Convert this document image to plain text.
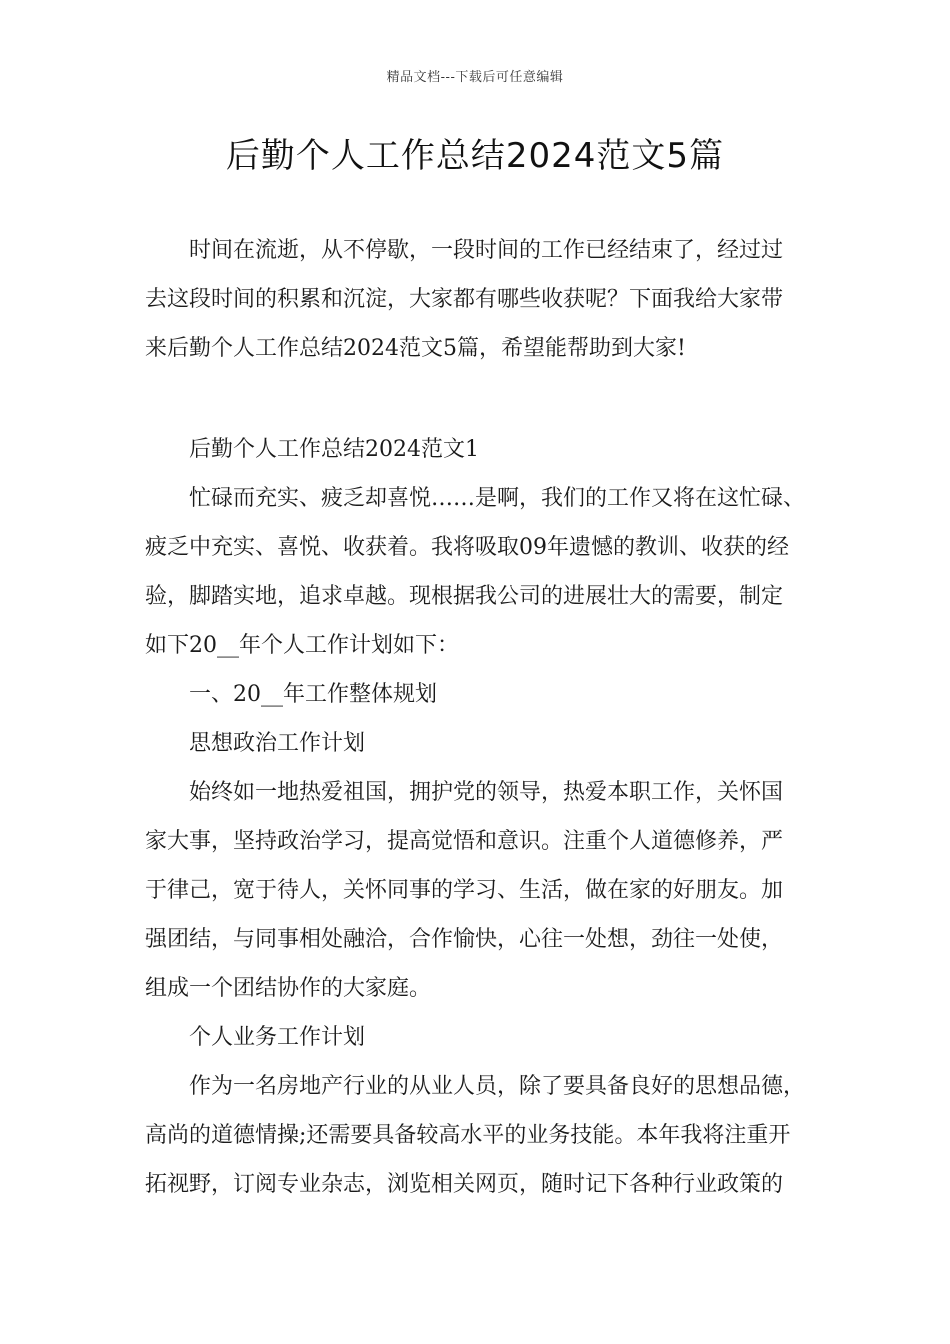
精品文档---下载后可任意编辑
后勤个人工作总结2024范文5篇
时间在流逝，从不停歇，一段时间的工作已经结束了，经过过
去这段时间的积累和沉淀，大家都有哪些收获呢？下面我给大家带
来后勤个人工作总结2024范文5篇，希望能帮助到大家!
后勤个人工作总结2024范文1
忙碌而充实、疲乏却喜悦……是啊，我们的工作又将在这忙碌、
疲乏中充实、喜悦、收获着。我将吸取09年遗憾的教训、收获的经
验，脚踏实地，追求卓越。现根据我公司的进展壮大的需要，制定
如下20__年个人工作计划如下：
一、20__年工作整体规划
思想政治工作计划
始终如一地热爱祖国，拥护党的领导，热爱本职工作，关怀国
家大事，坚持政治学习，提高觉悟和意识。注重个人道德修养，严
于律己，宽于待人，关怀同事的学习、生活，做在家的好朋友。加
强团结，与同事相处融洽，合作愉快，心往一处想，劲往一处使，
组成一个团结协作的大家庭。
个人业务工作计划
作为一名房地产行业的从业人员，除了要具备良好的思想品德，
高尚的道德情操;还需要具备较高水平的业务技能。本年我将注重开
拓视野，订阅专业杂志，浏览相关网页，随时记下各种行业政策的
